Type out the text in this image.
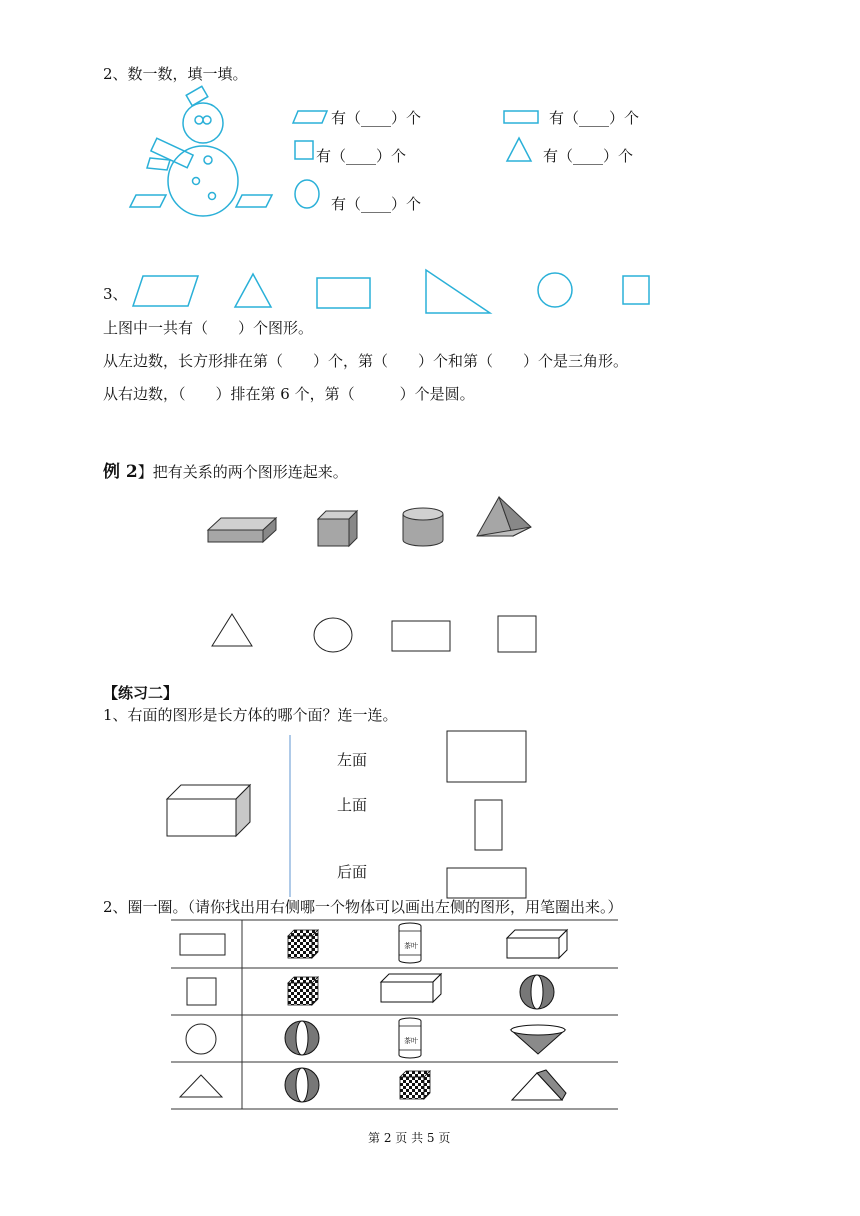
2、数一数，填一填。
有（____）个	有（____）个
有（____）个	有（____）个
有（____）个
3、
上图中一共有（　　）个图形。
从左边数，长方形排在第（　　）个，第（　　）个和第（　　）个是三角形。
从右边数，（　　）排在第 6 个，第（　　　）个是圆。
例 2】把有关系的两个图形连起来。
【练习二】
1、右面的图形是长方体的哪个面？连一连。
左面
上面
后面
2、圈一圈。（请你找出用右侧哪一个物体可以画出左侧的图形，用笔圈出来。）
茶叶
茶叶
第 2 页 共 5 页
